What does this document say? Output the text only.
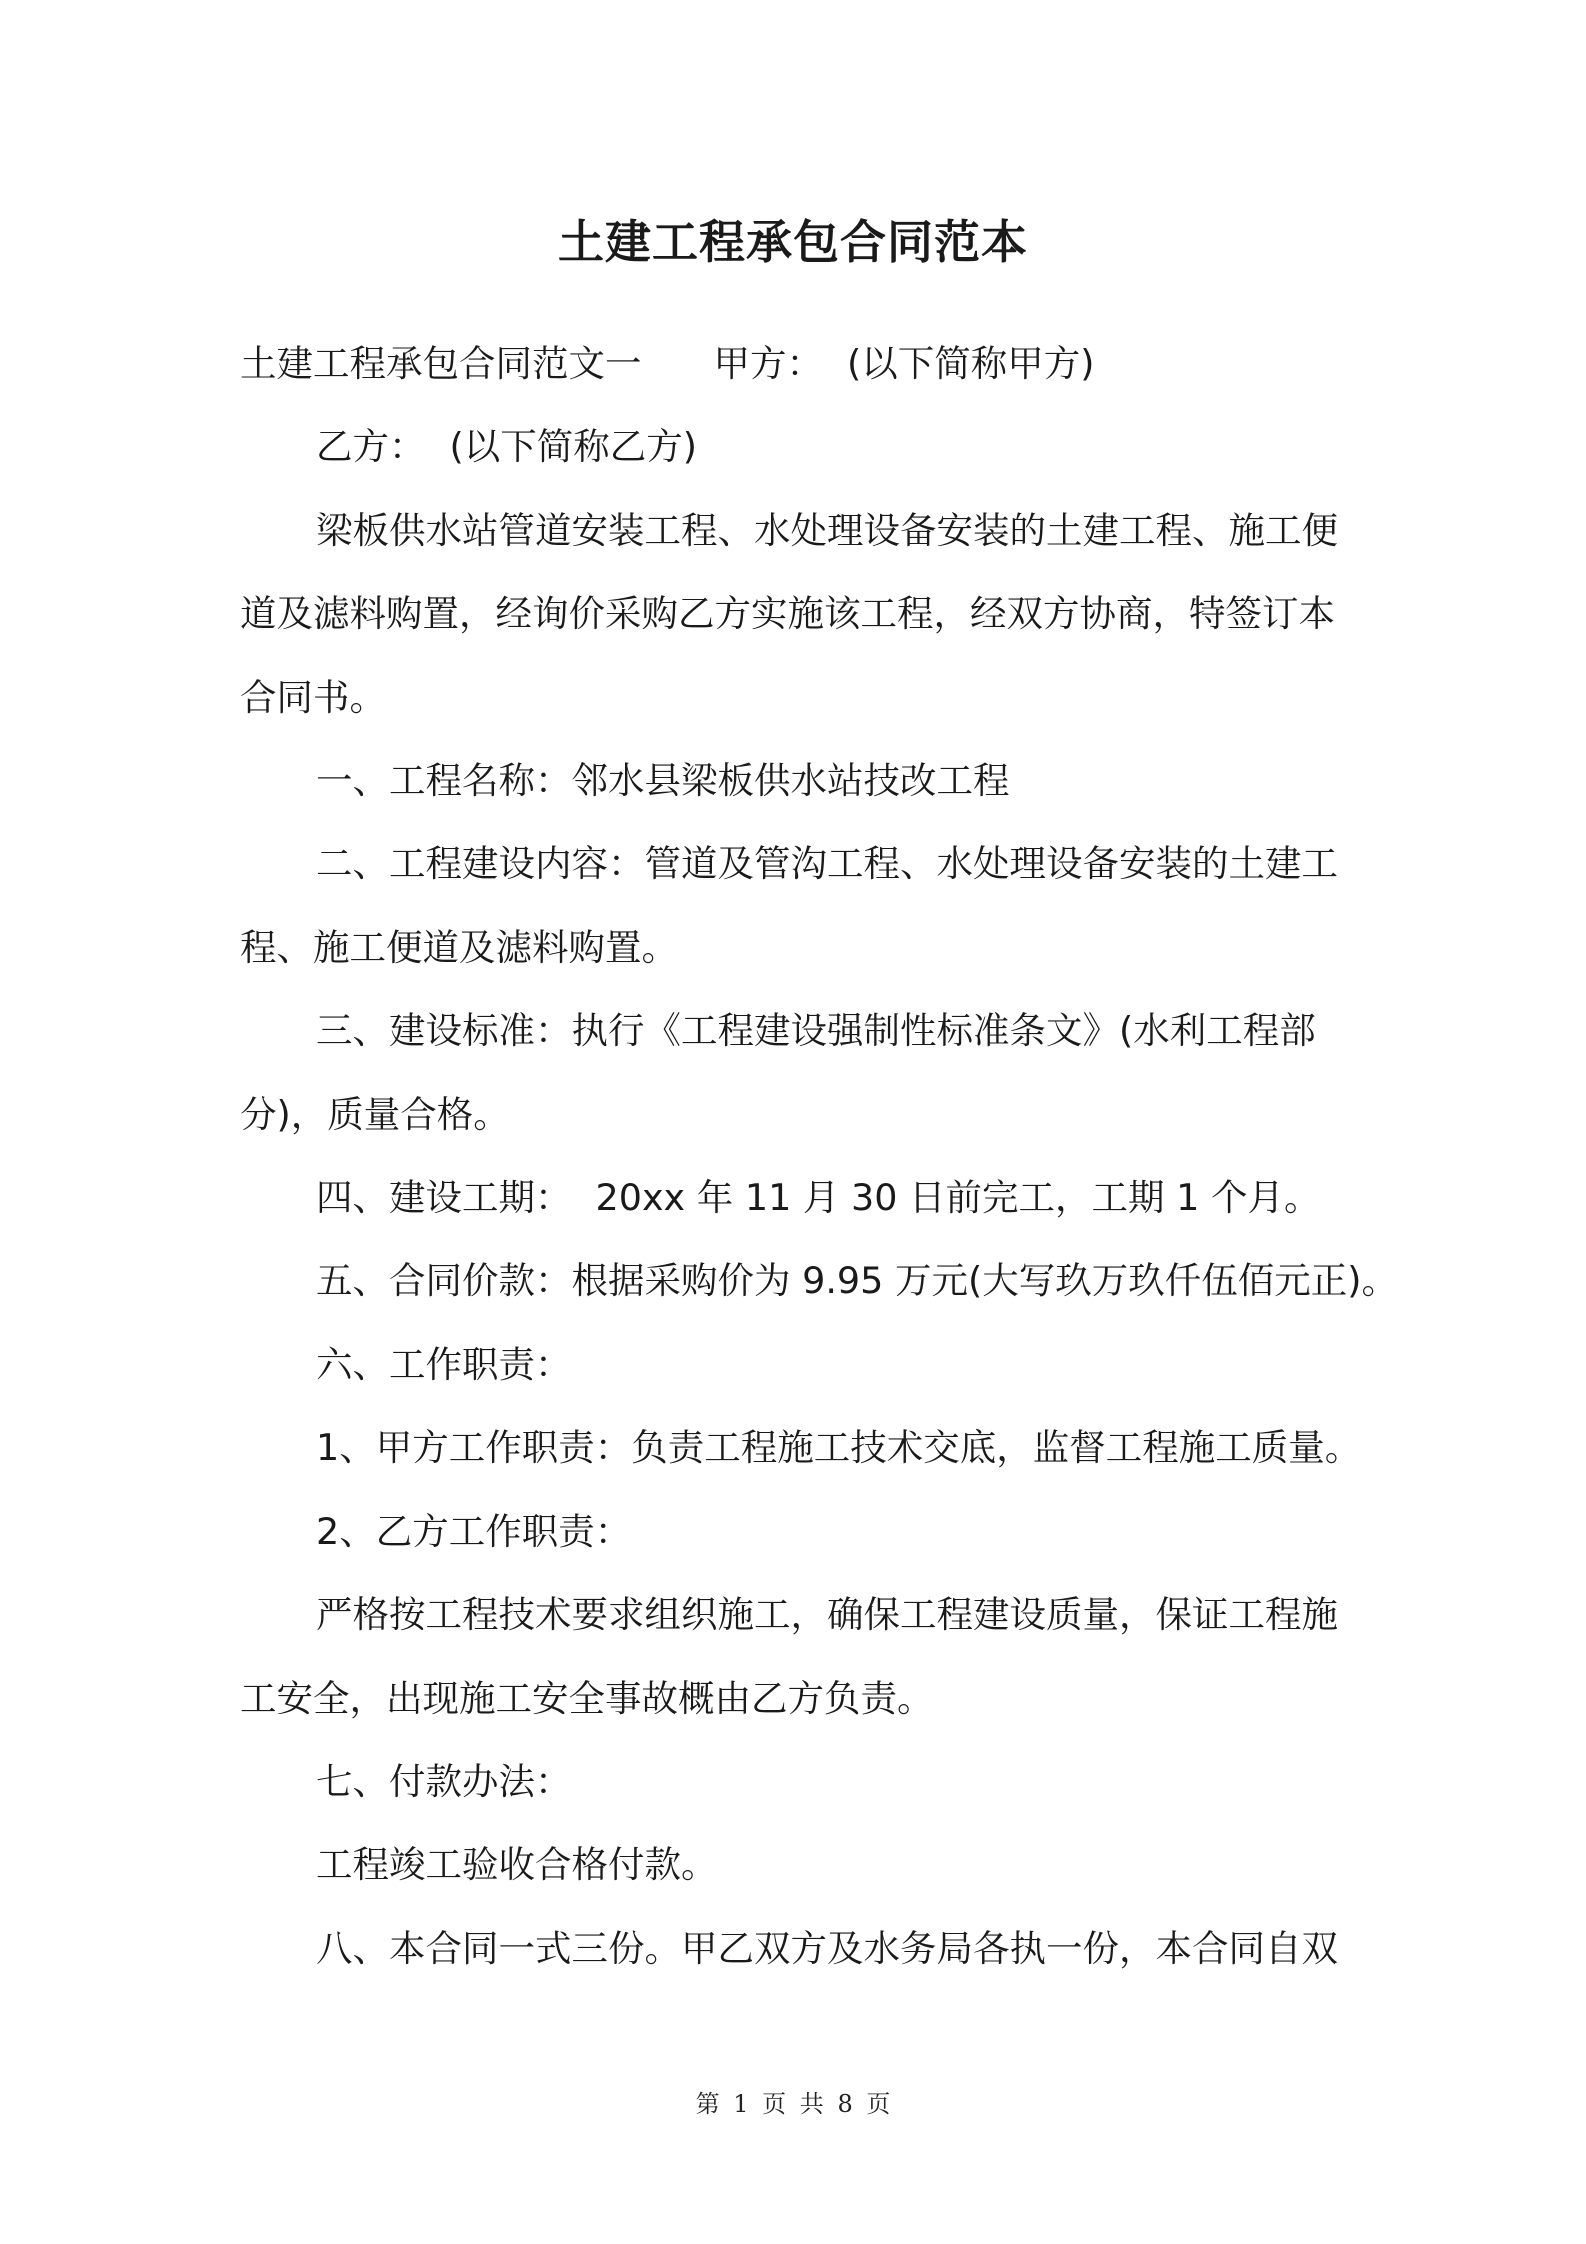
土建工程承包合同范本

土建工程承包合同范文一 甲方： (以下简称甲方)

乙方： (以下简称乙方)

梁板供水站管道安装工程、水处理设备安装的土建工程、施工便

道及滤料购置，经询价采购乙方实施该工程，经双方协商，特签订本

合同书。

一、工程名称：邻水县梁板供水站技改工程

二、工程建设内容：管道及管沟工程、水处理设备安装的土建工

程、施工便道及滤料购置。

三、建设标准：执行《工程建设强制性标准条文》(水利工程部

分)，质量合格。

四、建设工期： 20xx 年 11 月 30 日前完工，工期 1 个月。

五、合同价款：根据采购价为 9.95 万元(大写玖万玖仟伍佰元正)。

六、工作职责：

1、甲方工作职责：负责工程施工技术交底，监督工程施工质量。

2、乙方工作职责：

严格按工程技术要求组织施工，确保工程建设质量，保证工程施

工安全，出现施工安全事故概由乙方负责。

七、付款办法：

工程竣工验收合格付款。

八、本合同一式三份。甲乙双方及水务局各执一份，本合同自双

第 1 页 共 8 页
